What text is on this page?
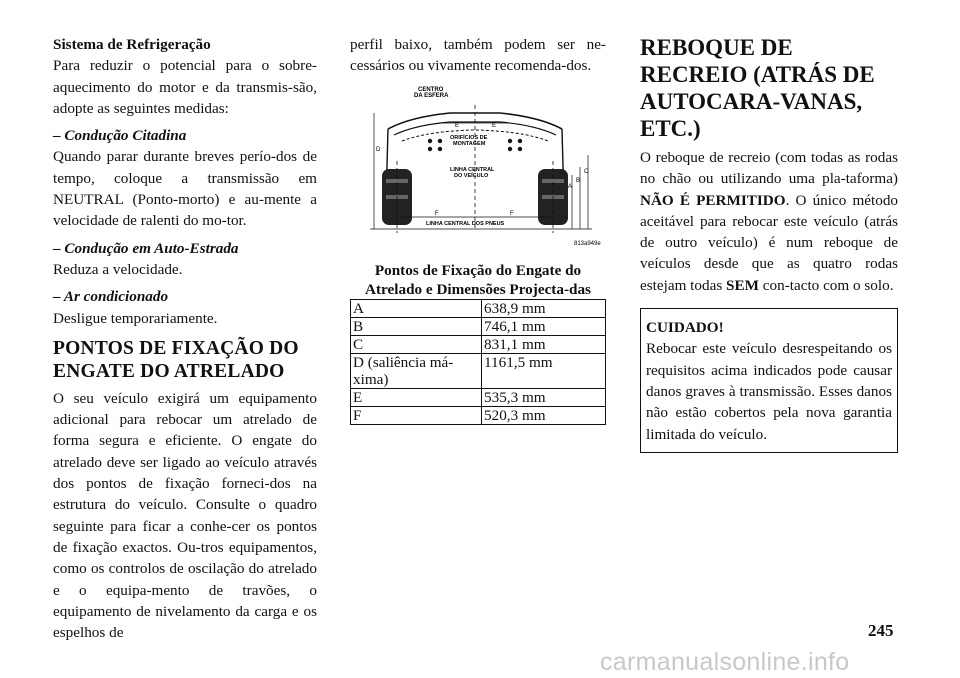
Sistema de Refrigeração

Para reduzir o potencial para o sobre-aquecimento do motor e da transmis-são, adopte as seguintes medidas:

– Condução Citadina

Quando parar durante breves perío-dos de tempo, coloque a transmissão em NEUTRAL (Ponto-morto) e au-mente a velocidade de ralenti do mo-tor.

– Condução em Auto-Estrada

Reduza a velocidade.

– Ar condicionado

Desligue temporariamente.

PONTOS DE FIXAÇÃO DO ENGATE DO ATRELADO

O seu veículo exigirá um equipamento adicional para rebocar um atrelado de forma segura e eficiente. O engate do atrelado deve ser ligado ao veículo através dos pontos de fixação forneci-dos na estrutura do veículo. Consulte o quadro seguinte para ficar a conhe-cer os pontos de fixação exactos. Ou-tros equipamentos, como os controlos de oscilação do atrelado e o equipa-mento de travões, o equipamento de nivelamento da carga e os espelhos de

perfil baixo, também podem ser ne-cessários ou vivamente recomenda-dos.

E	E
F	F
D
A
B
C
CENTRO DA ESFERA
ORIFÍCIOS DE
MONTAGEM
LINHA CENTRAL
DO VEÍCULO
LINHA CENTRAL DOS PNEUS
813a949e

Pontos de Fixação do Engate do Atrelado e Dimensões Projecta-das

A	638,9 mm
B	746,1 mm
C	831,1 mm
D (saliência má-xima)	1161,5 mm
E	535,3 mm
F	520,3 mm
REBOQUE DE RECREIO (ATRÁS DE AUTOCARA-VANAS, ETC.)

O reboque de recreio (com todas as rodas no chão ou utilizando uma pla-taforma) NÃO É PERMITIDO. O único método aceitável para rebocar este veículo (atrás de outro veículo) é num reboque de veículos desde que as quatro rodas estejam todas SEM con-tacto com o solo.

CUIDADO!

Rebocar este veículo desrespeitando os requisitos acima indicados pode causar danos graves à transmissão. Esses danos não estão cobertos pela nova garantia limitada do veículo.

245
carmanualsonline.info
